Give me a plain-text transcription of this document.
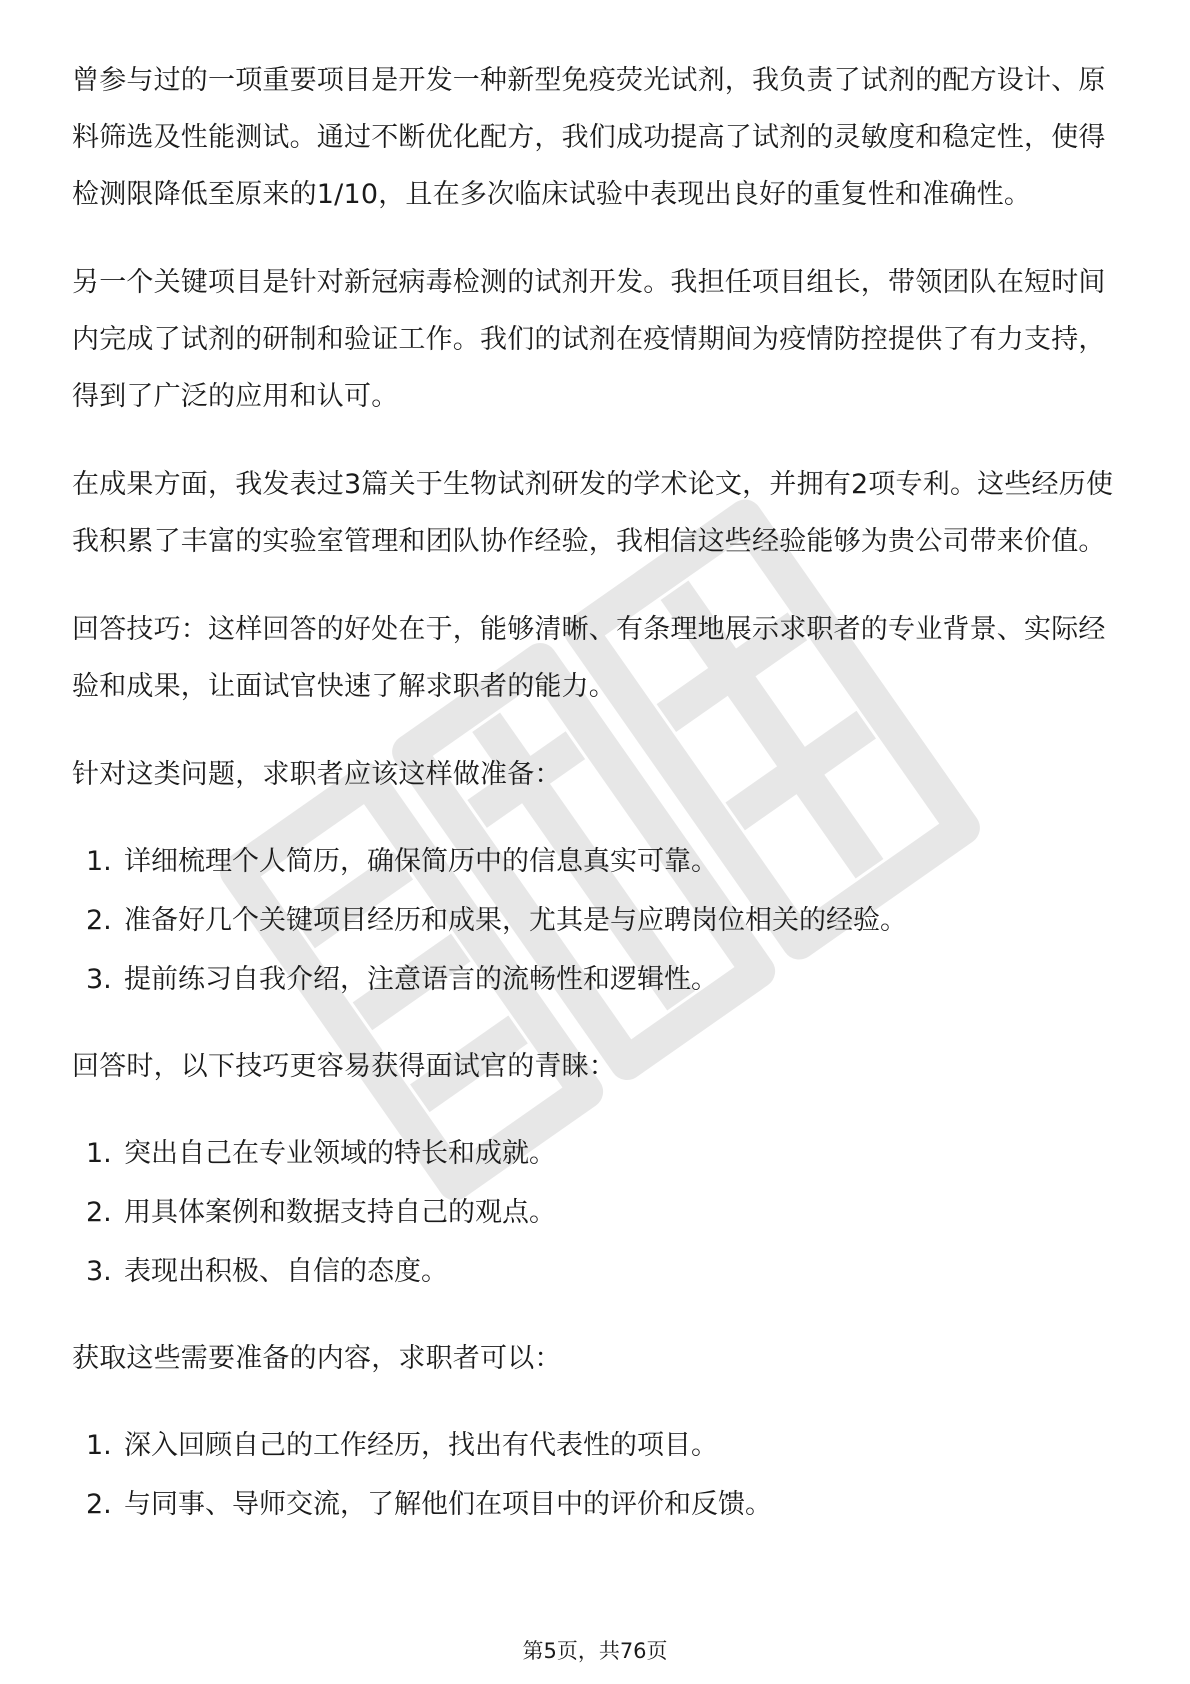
曾参与过的一项重要项目是开发一种新型免疫荧光试剂，我负责了试剂的配方设计、原料筛选及性能测试。通过不断优化配方，我们成功提高了试剂的灵敏度和稳定性，使得检测限降低至原来的1/10，且在多次临床试验中表现出良好的重复性和准确性。

另一个关键项目是针对新冠病毒检测的试剂开发。我担任项目组长，带领团队在短时间内完成了试剂的研制和验证工作。我们的试剂在疫情期间为疫情防控提供了有力支持，得到了广泛的应用和认可。

在成果方面，我发表过3篇关于生物试剂研发的学术论文，并拥有2项专利。这些经历使我积累了丰富的实验室管理和团队协作经验，我相信这些经验能够为贵公司带来价值。

回答技巧：这样回答的好处在于，能够清晰、有条理地展示求职者的专业背景、实际经验和成果，让面试官快速了解求职者的能力。

针对这类问题，求职者应该这样做准备：

1. 详细梳理个人简历，确保简历中的信息真实可靠。
2. 准备好几个关键项目经历和成果，尤其是与应聘岗位相关的经验。
3. 提前练习自我介绍，注意语言的流畅性和逻辑性。

回答时，以下技巧更容易获得面试官的青睐：

1. 突出自己在专业领域的特长和成就。
2. 用具体案例和数据支持自己的观点。
3. 表现出积极、自信的态度。

获取这些需要准备的内容，求职者可以：

1. 深入回顾自己的工作经历，找出有代表性的项目。
2. 与同事、导师交流，了解他们在项目中的评价和反馈。
第5页，共76页
